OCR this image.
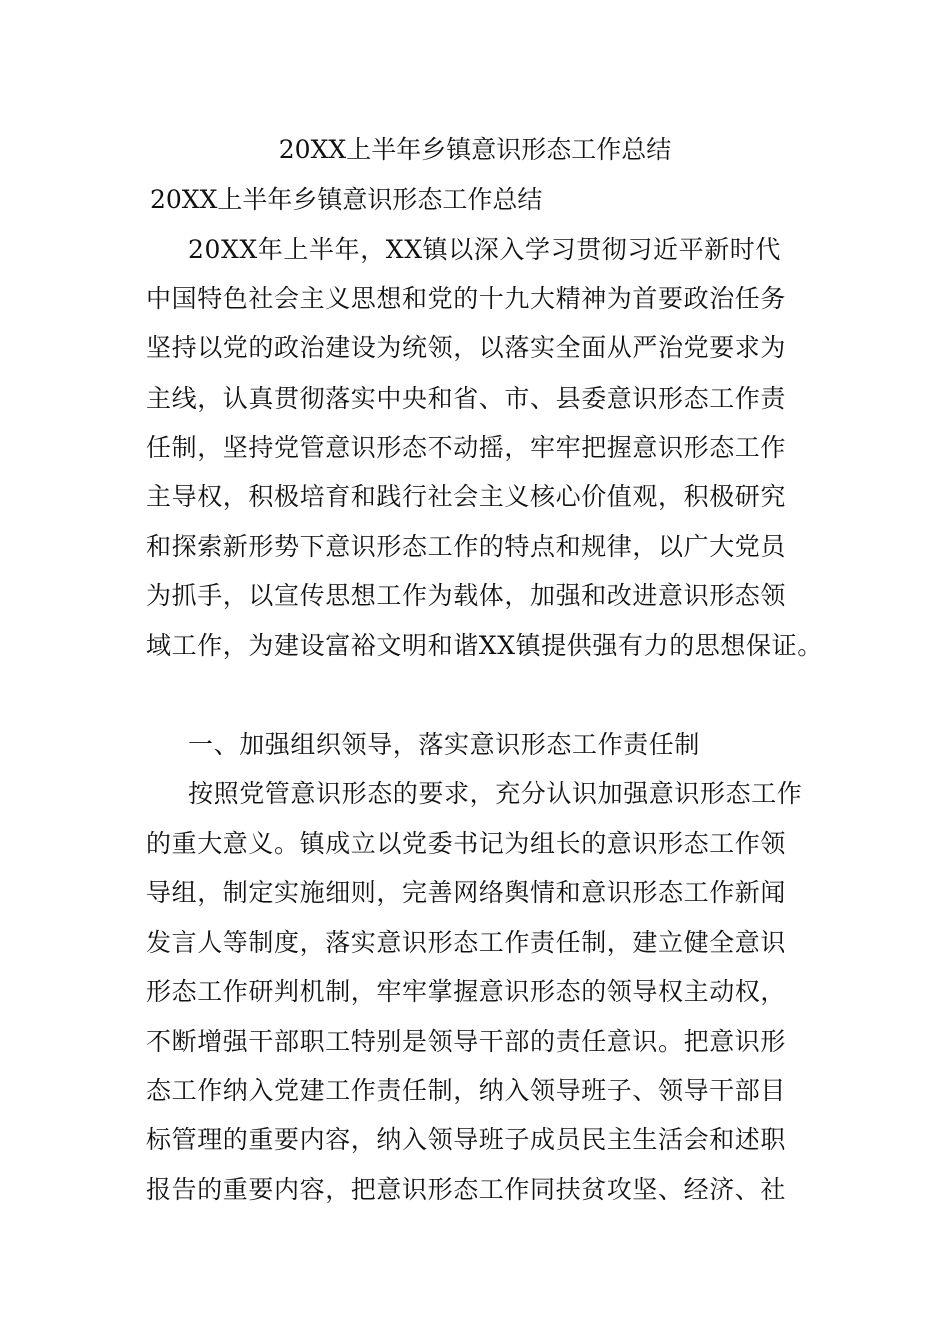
20XX上半年乡镇意识形态工作总结
20XX上半年乡镇意识形态工作总结
20XX年上半年，XX镇以深入学习贯彻习近平新时代
中国特色社会主义思想和党的十九大精神为首要政治任务
坚持以党的政治建设为统领，以落实全面从严治党要求为
主线，认真贯彻落实中央和省、市、县委意识形态工作责
任制，坚持党管意识形态不动摇，牢牢把握意识形态工作
主导权，积极培育和践行社会主义核心价值观，积极研究
和探索新形势下意识形态工作的特点和规律，以广大党员
为抓手，以宣传思想工作为载体，加强和改进意识形态领
域工作，为建设富裕文明和谐XX镇提供强有力的思想保证。
一、加强组织领导，落实意识形态工作责任制
按照党管意识形态的要求，充分认识加强意识形态工作
的重大意义。镇成立以党委书记为组长的意识形态工作领
导组，制定实施细则，完善网络舆情和意识形态工作新闻
发言人等制度，落实意识形态工作责任制，建立健全意识
形态工作研判机制，牢牢掌握意识形态的领导权主动权，
不断增强干部职工特别是领导干部的责任意识。把意识形
态工作纳入党建工作责任制，纳入领导班子、领导干部目
标管理的重要内容，纳入领导班子成员民主生活会和述职
报告的重要内容，把意识形态工作同扶贫攻坚、经济、社
